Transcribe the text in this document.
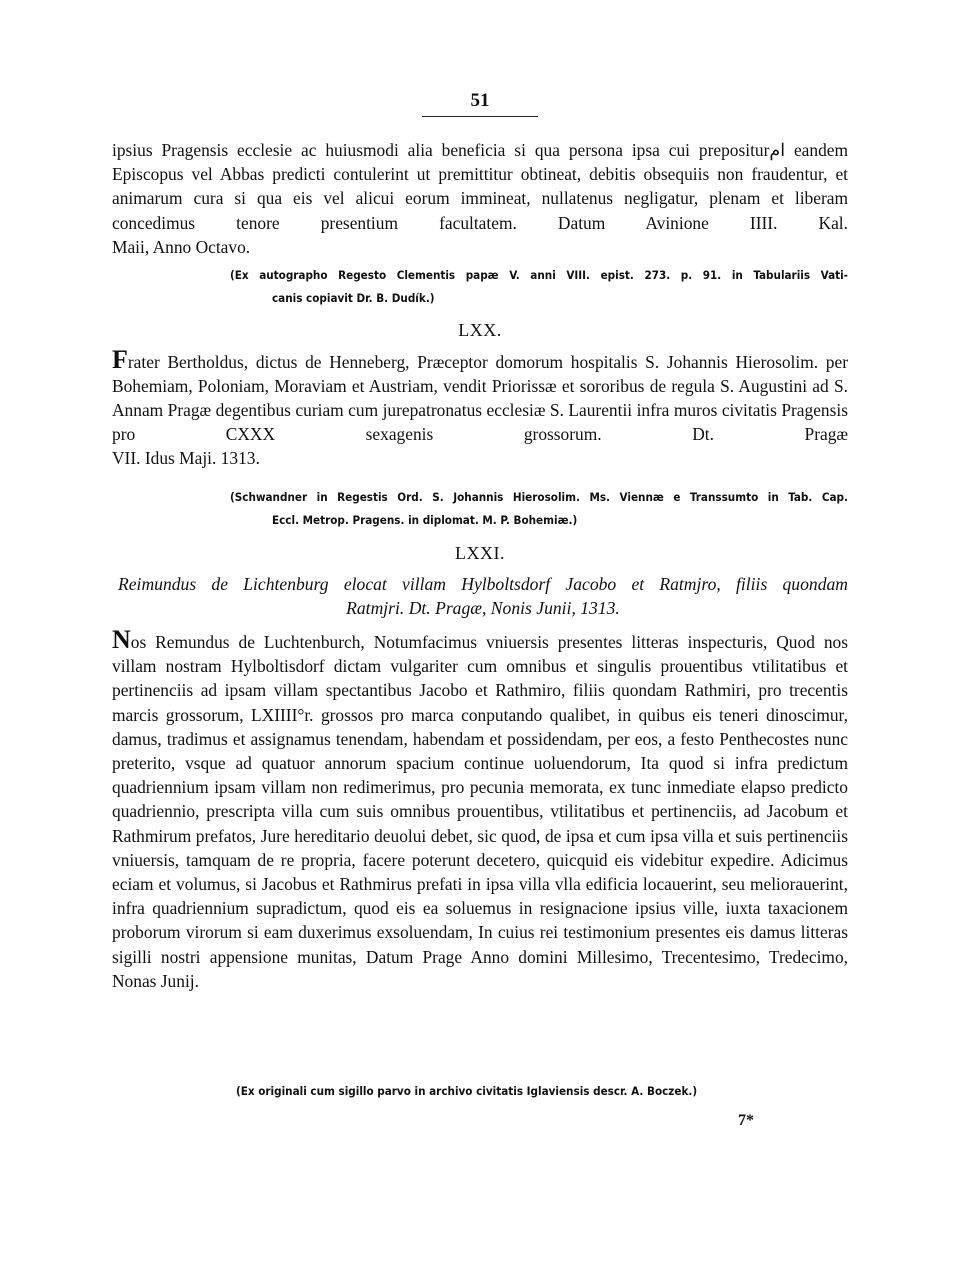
51

ipsius Pragensis ecclesie ac huiusmodi alia beneficia si qua persona ipsa cui prepositurام eandem Episcopus vel Abbas predicti contulerint ut premittitur obtineat, debitis obsequiis non fraudentur, et animarum cura si qua eis vel alicui eorum immineat, nullatenus negligatur, plenam et liberam concedimus tenore presentium facultatem. Datum Avinione IIII. Kal.
Maii, Anno Octavo.

(Ex autographo Regesto Clementis papæ V. anni VIII. epist. 273. p. 91. in Tabulariis Vati-
canis copiavit Dr. B. Dudík.)
LXX.

Frater Bertholdus, dictus de Henneberg, Præceptor domorum hospitalis S. Johannis Hierosolim. per Bohemiam, Poloniam, Moraviam et Austriam, vendit Priorissæ et sororibus de regula S. Augustini ad S. Annam Pragæ degentibus curiam cum jurepatronatus ecclesiæ S. Laurentii infra muros civitatis Pragensis pro CXXX sexagenis grossorum. Dt. Pragæ
VII. Idus Maji. 1313.

(Schwandner in Regestis Ord. S. Johannis Hierosolim. Ms. Viennæ e Transsumto in Tab. Cap.
Eccl. Metrop. Pragens. in diplomat. M. P. Bohemiæ.)
LXXI.
Reimundus de Lichtenburg elocat villam Hylboltsdorf Jacobo et Ratmjro, filiis quondam
Ratmjri. Dt. Pragæ, Nonis Junii, 1313.

Nos Remundus de Luchtenburch, Notumfacimus vniuersis presentes litteras inspecturis, Quod nos villam nostram Hylboltisdorf dictam vulgariter cum omnibus et singulis prouentibus vtilitatibus et pertinenciis ad ipsam villam spectantibus Jacobo et Rathmiro, filiis quondam Rathmiri, pro trecentis marcis grossorum, LXIIII°r. grossos pro marca conputando qualibet, in quibus eis teneri dinoscimur, damus, tradimus et assignamus tenendam, habendam et possidendam, per eos, a festo Penthecostes nunc preterito, vsque ad quatuor annorum spacium continue uoluendorum, Ita quod si infra predictum quadriennium ipsam villam non redimerimus, pro pecunia memorata, ex tunc inmediate elapso predicto quadriennio, prescripta villa cum suis omnibus prouentibus, vtilitatibus et pertinenciis, ad Jacobum et Rathmirum prefatos, Jure hereditario deuolui debet, sic quod, de ipsa et cum ipsa villa et suis pertinenciis vniuersis, tamquam de re propria, facere poterunt decetero, quicquid eis videbitur expedire. Adicimus eciam et volumus, si Jacobus et Rathmirus prefati in ipsa villa vlla edificia locauerint, seu meliorauerint, infra quadriennium supradictum, quod eis ea soluemus in resignacione ipsius ville, iuxta taxacionem proborum virorum si eam duxerimus exsoluendam, In cuius rei testimonium presentes eis damus litteras sigilli nostri appensione munitas, Datum Prage Anno domini Millesimo, Trecentesimo, Tredecimo,
Nonas Junij.

(Ex originali cum sigillo parvo in archivo civitatis Iglaviensis descr. A. Boczek.)
7*
